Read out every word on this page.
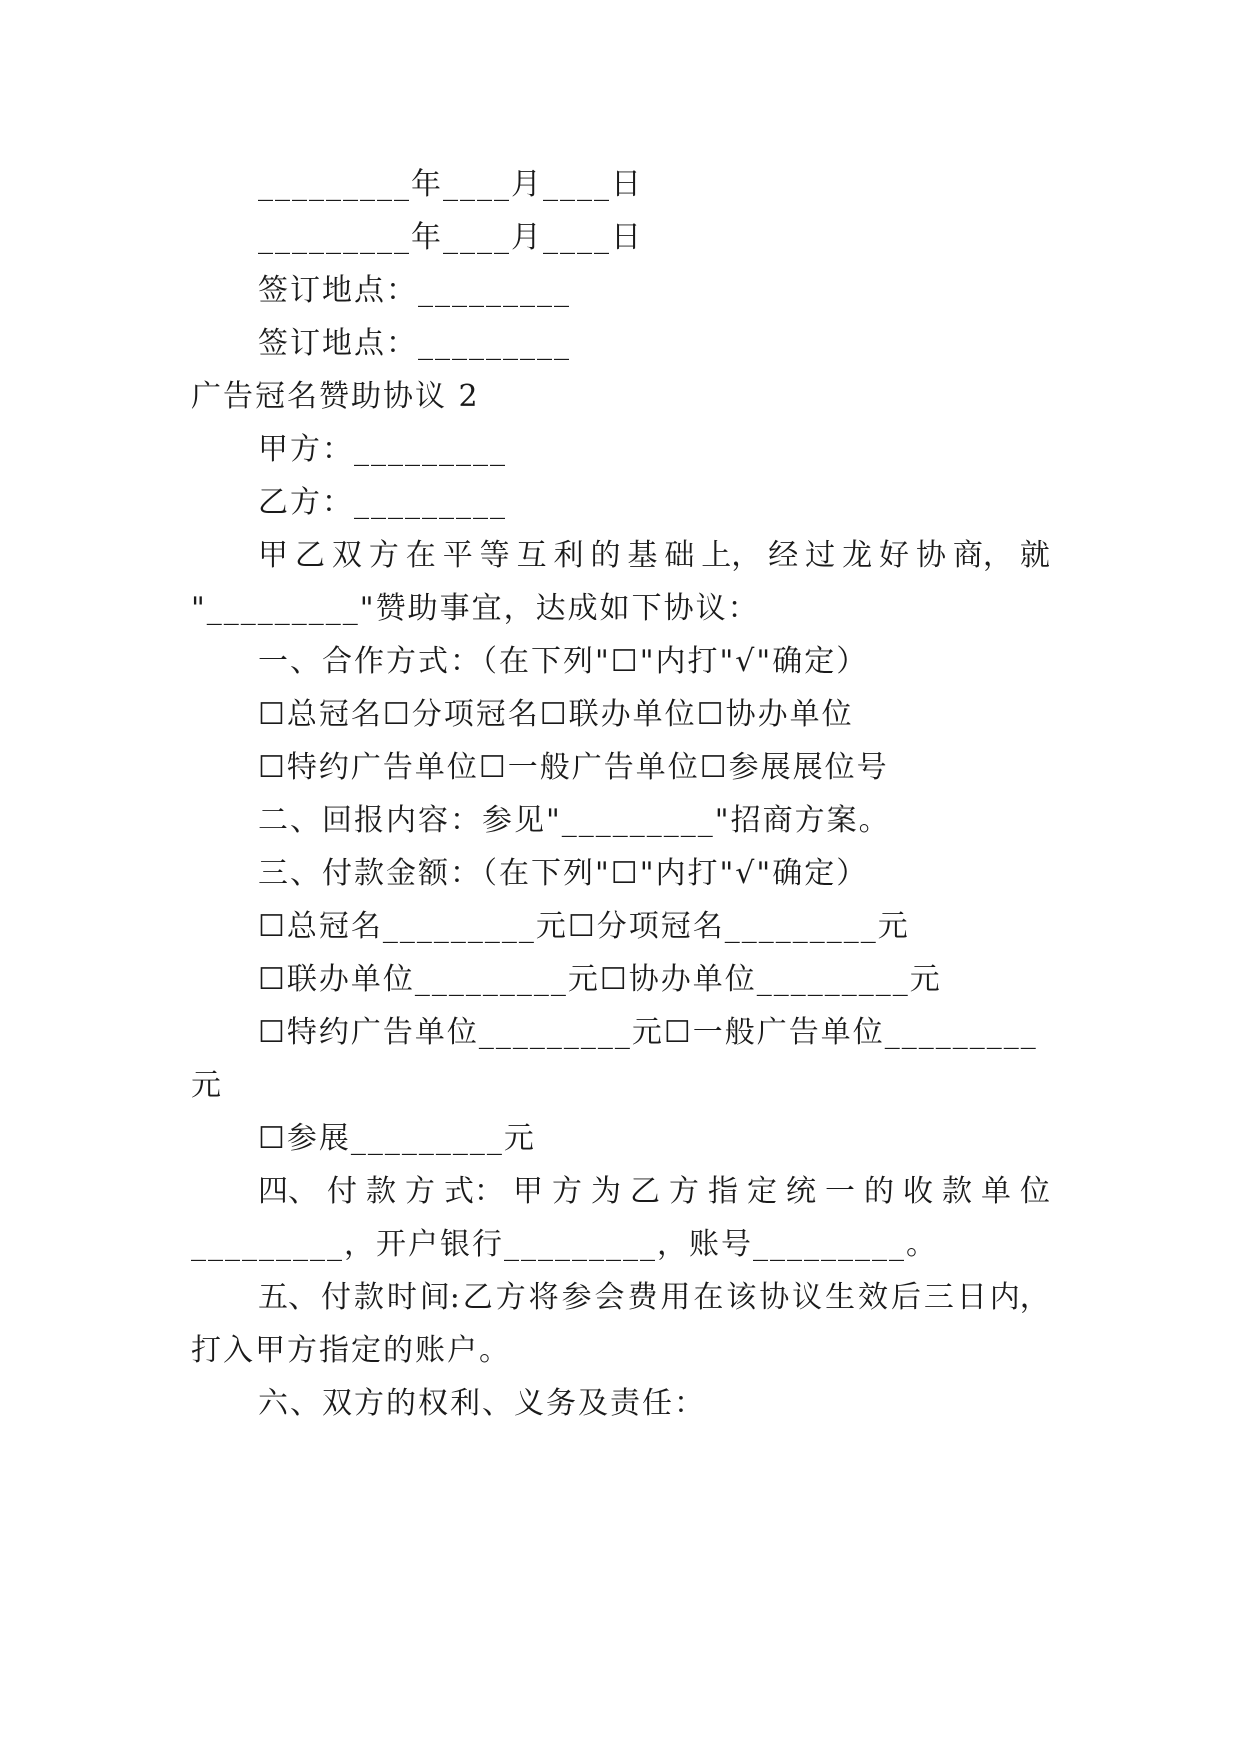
_________年____月____日
_________年____月____日
签订地点：_________
签订地点：_________
广告冠名赞助协议 2
甲方：_________
乙方：_________
甲 乙 双 方 在 平 等 互 利 的 基 础 上， 经 过 龙 好 协 商， 就
"_________"赞助事宜，达成如下协议：
一、合作方式：（在下列"☐"内打"√"确定）
☐总冠名☐分项冠名☐联办单位☐协办单位
☐特约广告单位☐一般广告单位☐参展展位号
二、回报内容：参见"_________"招商方案。
三、付款金额：（在下列"☐"内打"√"确定）
☐总冠名_________元☐分项冠名_________元
☐联办单位_________元☐协办单位_________元
☐特约广告单位_________元☐一般广告单位_________
元
☐参展_________元
四、 付 款 方 式： 甲 方 为 乙 方 指 定 统 一 的 收 款 单 位
_________，开户银行_________，账号_________。
五、 付 款 时 间: 乙 方 将 参 会 费 用 在 该 协 议 生 效 后 三 日 内，
打入甲方指定的账户。
六、双方的权利、义务及责任：
